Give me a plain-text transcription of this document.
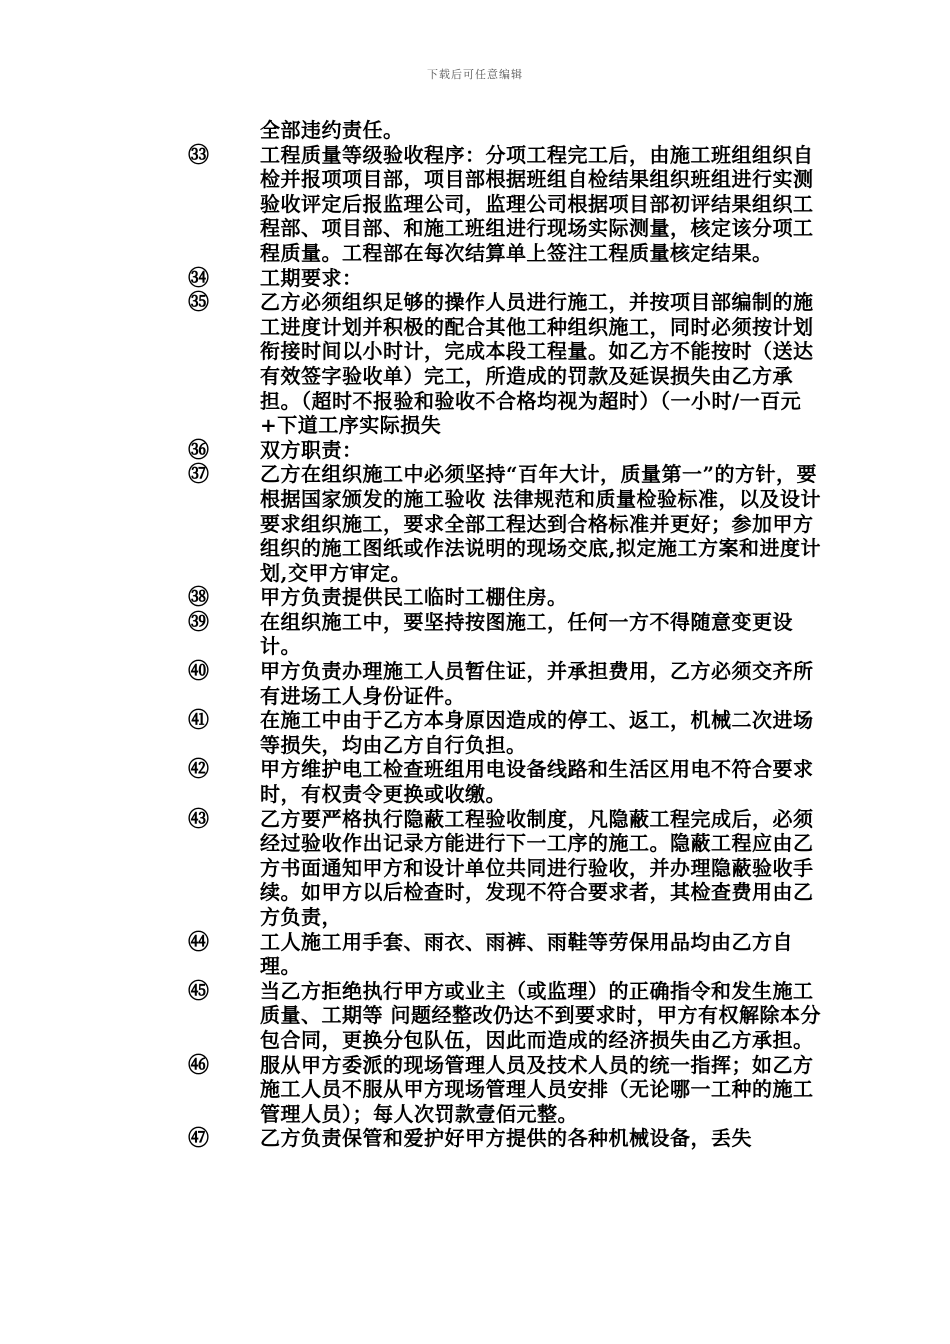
下载后可任意编辑
全部违约责任。
㉝	工程质量等级验收程序：分项工程完工后，由施工班组组织自检并报项项目部，项目部根据班组自检结果组织班组进行实测验收评定后报监理公司，监理公司根据项目部初评结果组织工程部、项目部、和施工班组进行现场实际测量，核定该分项工程质量。工程部在每次结算单上签注工程质量核定结果。
㉞	工期要求：
㉟	乙方必须组织足够的操作人员进行施工，并按项目部编制的施工进度计划并积极的配合其他工种组织施工，同时必须按计划衔接时间以小时计，完成本段工程量。如乙方不能按时（送达有效签字验收单）完工，所造成的罚款及延误损失由乙方承担。（超时不报验和验收不合格均视为超时）（一小时/一百元+下道工序实际损失
㊱	双方职责：
㊲	乙方在组织施工中必须坚持“百年大计，质量第一”的方针，要根据国家颁发的施工验收 法律规范和质量检验标准，以及设计要求组织施工，要求全部工程达到合格标准并更好；参加甲方组织的施工图纸或作法说明的现场交底,拟定施工方案和进度计划,交甲方审定。
㊳	甲方负责提供民工临时工棚住房。
㊴	在组织施工中，要坚持按图施工，任何一方不得随意变更设计。
㊵	甲方负责办理施工人员暂住证，并承担费用，乙方必须交齐所有进场工人身份证件。
㊶	在施工中由于乙方本身原因造成的停工、返工，机械二次进场等损失，均由乙方自行负担。
㊷	甲方维护电工检查班组用电设备线路和生活区用电不符合要求时，有权责令更换或收缴。
㊸	乙方要严格执行隐蔽工程验收制度，凡隐蔽工程完成后，必须经过验收作出记录方能进行下一工序的施工。隐蔽工程应由乙方书面通知甲方和设计单位共同进行验收，并办理隐蔽验收手续。如甲方以后检查时，发现不符合要求者，其检查费用由乙方负责，
㊹	工人施工用手套、雨衣、雨裤、雨鞋等劳保用品均由乙方自理。
㊺	当乙方拒绝执行甲方或业主（或监理）的正确指令和发生施工质量、工期等 问题经整改仍达不到要求时，甲方有权解除本分包合同，更换分包队伍，因此而造成的经济损失由乙方承担。
㊻	服从甲方委派的现场管理人员及技术人员的统一指挥；如乙方施工人员不服从甲方现场管理人员安排（无论哪一工种的施工管理人员）；每人次罚款壹佰元整。
㊼	乙方负责保管和爱护好甲方提供的各种机械设备，丢失
